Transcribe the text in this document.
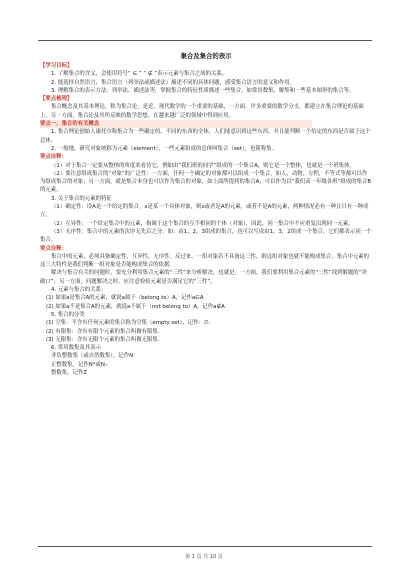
集合及集合的表示
【学习目标】

1. 了解集合的含义，会使用符号“ ∈ ” “ ∉ ”表示元素与集合之间的关系。

2. 能选择自然语言、集合语言（列举法或描述法）描述不同的具体问题，感受集合语言的意义和作用。

3. 理解集合的表示方法：列举法、描述法等，掌握集合的特征性质描述一些集合，如常用数集、解集和一些基本图形的集合等。

【要点梳理】

集合概念及其基本理论，称为集合论，是近、现代数学的一个重要的基础，一方面，许多重要的数学分支，都建立在集合理论的基础上，另一方面，集合论及其所反映的数学思想，在越来越广泛的领域中得到应用。

要点一、集合的有关概念

1. 集合理论创始人康托尔称集合为一些确定的、不同的东西的全体，人们能意识到这些东西，并且能判断一个给定的东西是否属于这个总体。

2. 一般地，研究对象统称为元素（element），一些元素组成的总体叫集合（set），也简称集。

要点诠释：

（1）对于集合一定要从整体的角度来看待它，例如由“我们班的同学”组成的一个集合A，则它是一个整体，也就是一个班集体。

（2）要注意组成集合的“对象”的广泛性：一方面，任何一个确定的对象都可以组成一个集合，如人，动物，方程，不等式等都可以作为组成集合的对象；另一方面，就是集合本身也可以作为集合的对象，如上面所提到的集合A，可以作为以“我们高一年级各班”组成的集合B的元素。

3. 关于集合的元素的特征

（1）确定性：设A是一个给定的集合，x是某一个具体对象，则x或者是A的元素，或者不是A的元素，两种情况必有一种且只有一种成立。

（2）互异性：一个给定集合中的元素，指属于这个集合的互不相同的个体（对象），因此，同一集合中不应重复出现同一元素。

（3）无序性：集合中的元素的次序无先后之分。如：由1，2，3组成的集合，也可以写成由1，3，2组成一个集合，它们都表示同一个集合。

要点诠释：

集合中的元素，必须具备确定性、互异性、无序性。反过来，一组对象若不具备这三性，则这组对象也就不能构成集合，集合中元素的这三大特性是我们判断一组对象是否能构成集合的依据。

解决与集合有关的问题时，要充分利用集合元素的“三性”来分析解决，也就是，一方面，我们要利用集合元素的“三性”找到解题的“突破口”；另一方面，问题解决之时，应注意检验元素是否满足它的“三性”。

4. 元素与集合的关系：

(1) 如果a是集合A的元素，就说a属于（belong to）A，记作a∈A

(2) 如果a不是集合A的元素，就说a不属于（not belong to）A，记作a∉A

5. 集合的分类

(1) 空集：不含有任何元素的集合称为空集（empty set），记作：∅.

(2) 有限集：含有有限个元素的集合叫做有限集.

(3) 无限集：含有无限个元素的集合叫做无限集.

6. 常用数集及其表示

非负整数集（或自然数集），记作N

正整数集，记作N*或N₊

整数集，记作Z

第 1 页 共 10 页
